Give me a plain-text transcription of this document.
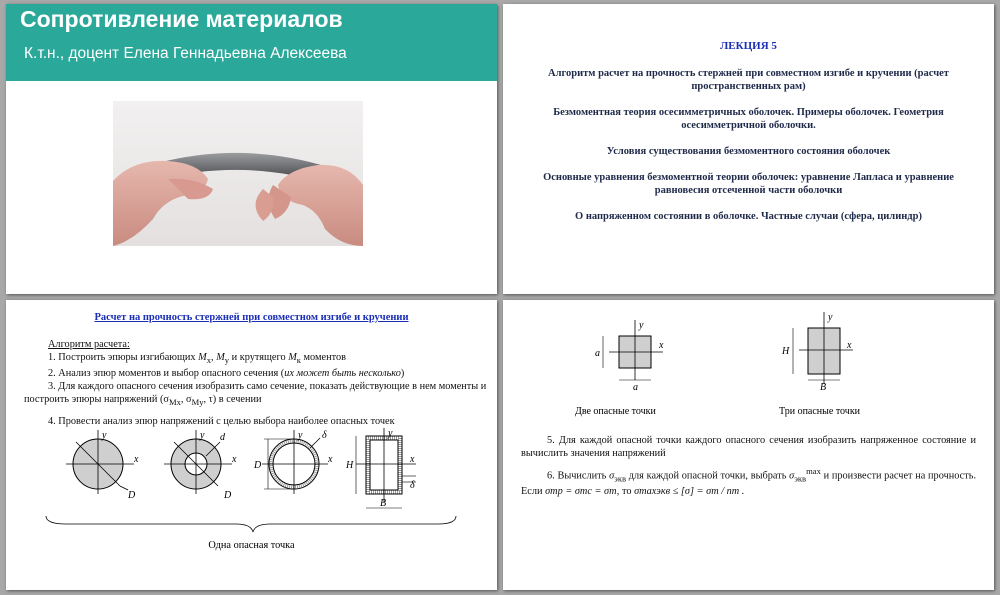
Сопротивление материалов
К.т.н., доцент Елена Геннадьевна Алексеева	ЛЕКЦИЯ 5

Алгоритм расчет на прочность стержней при совместном изгибе и кручении (расчет пространственных рам)

Безмоментная теория осесимметричных оболочек. Примеры оболочек. Геометрия осесимметричной оболочки.

Условия существования безмоментного состояния оболочек

Основные уравнения безмоментной теории оболочек: уравнение Лапласа и уравнение равновесия отсеченной части оболочки

О напряженном состоянии в оболочке. Частные случаи (сфера, цилиндр)

Расчет на прочность стержней при совместном изгибе и кручении
Алгоритм расчета:
1. Построить эпюры изгибающих $M_x$, $M_y$ и крутящего $M_к$ моментов
2. Анализ эпюр моментов и выбор опасного сечения (их может быть несколько)
3. Для каждого опасного сечения изобразить само сечение, показать действующие в нем моменты и построить эпюры напряжений ($\sigma_{Mx}$, $\sigma_{My}$, τ) в сечении
4. Провести анализ эпюр напряжений с целью выбора наиболее опасных точек
y
x
D
y d
x
D
y δ
x
D
y
x
δ
H
B
Одна опасная точка
y
x
a
a
y
x
H
B
Две опасные точки	Три опасные точки
5. Для каждой опасной точки каждого опасного сечения изобразить напряженное состояние и вычислить значения напряжений
6. Вычислить $\sigma_{экв}$ для каждой опасной точки, выбрать $\sigma_{экв}^{max}$ и произвести расчет на прочность. Если σтр = σтс = σт, то σmaxэкв ≤ [σ] = σт / nт .
